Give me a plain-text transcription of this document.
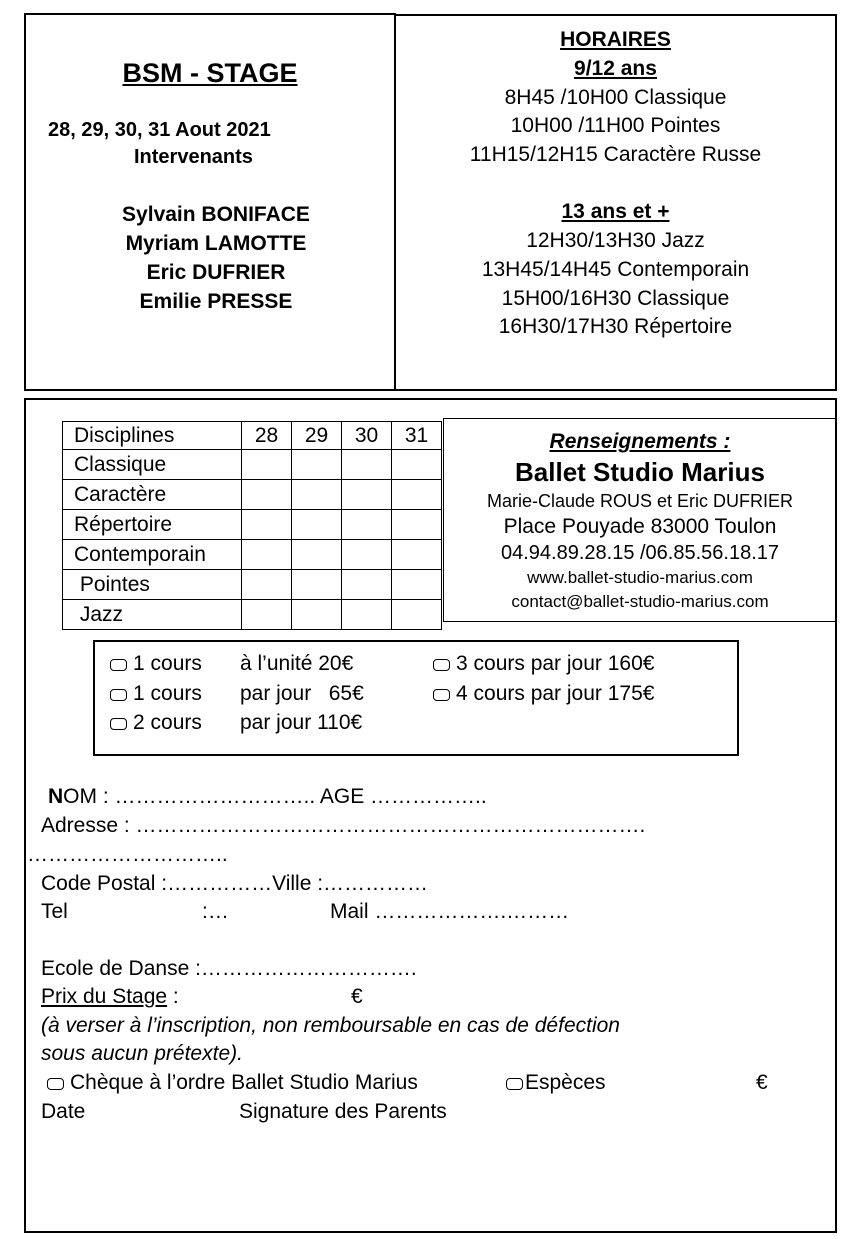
BSM - STAGE
28, 29, 30, 31 Aout 2021
Intervenants
Sylvain BONIFACE
Myriam LAMOTTE
Eric DUFRIER
Emilie PRESSE
HORAIRES
9/12 ans
8H45 /10H00 Classique
10H00 /11H00 Pointes
11H15/12H15 Caractère Russe
13 ans et +
12H30/13H30 Jazz
13H45/14H45 Contemporain
15H00/16H30 Classique
16H30/17H30 Répertoire
Disciplines	28	29	30	31
Classique				
Caractère				
Répertoire				
Contemporain				
Pointes				
Jazz				
Renseignements :
Ballet Studio Marius
Marie-Claude ROUS et Eric DUFRIER
Place Pouyade 83000 Toulon
04.94.89.28.15 /06.85.56.18.17
www.ballet-studio-marius.com
contact@ballet-studio-marius.com
1 cours à l’unité 20€
1 cours par jour   65€
2 cours par jour 110€
3 cours par jour 160€
4 cours par jour 175€
NOM : ……………………….. AGE ……………..
Adresse : ……………………………………………………………….
………………………..
Code Postal :……………Ville :……………
Tel	:…	Mail ……………….………
Ecole de Danse :………………………….
Prix du Stage :	€
(à verser à l’inscription, non remboursable en cas de défection
sous aucun prétexte).
Chèque à l’ordre Ballet Studio Marius	Espèces	€
Date	Signature des Parents
